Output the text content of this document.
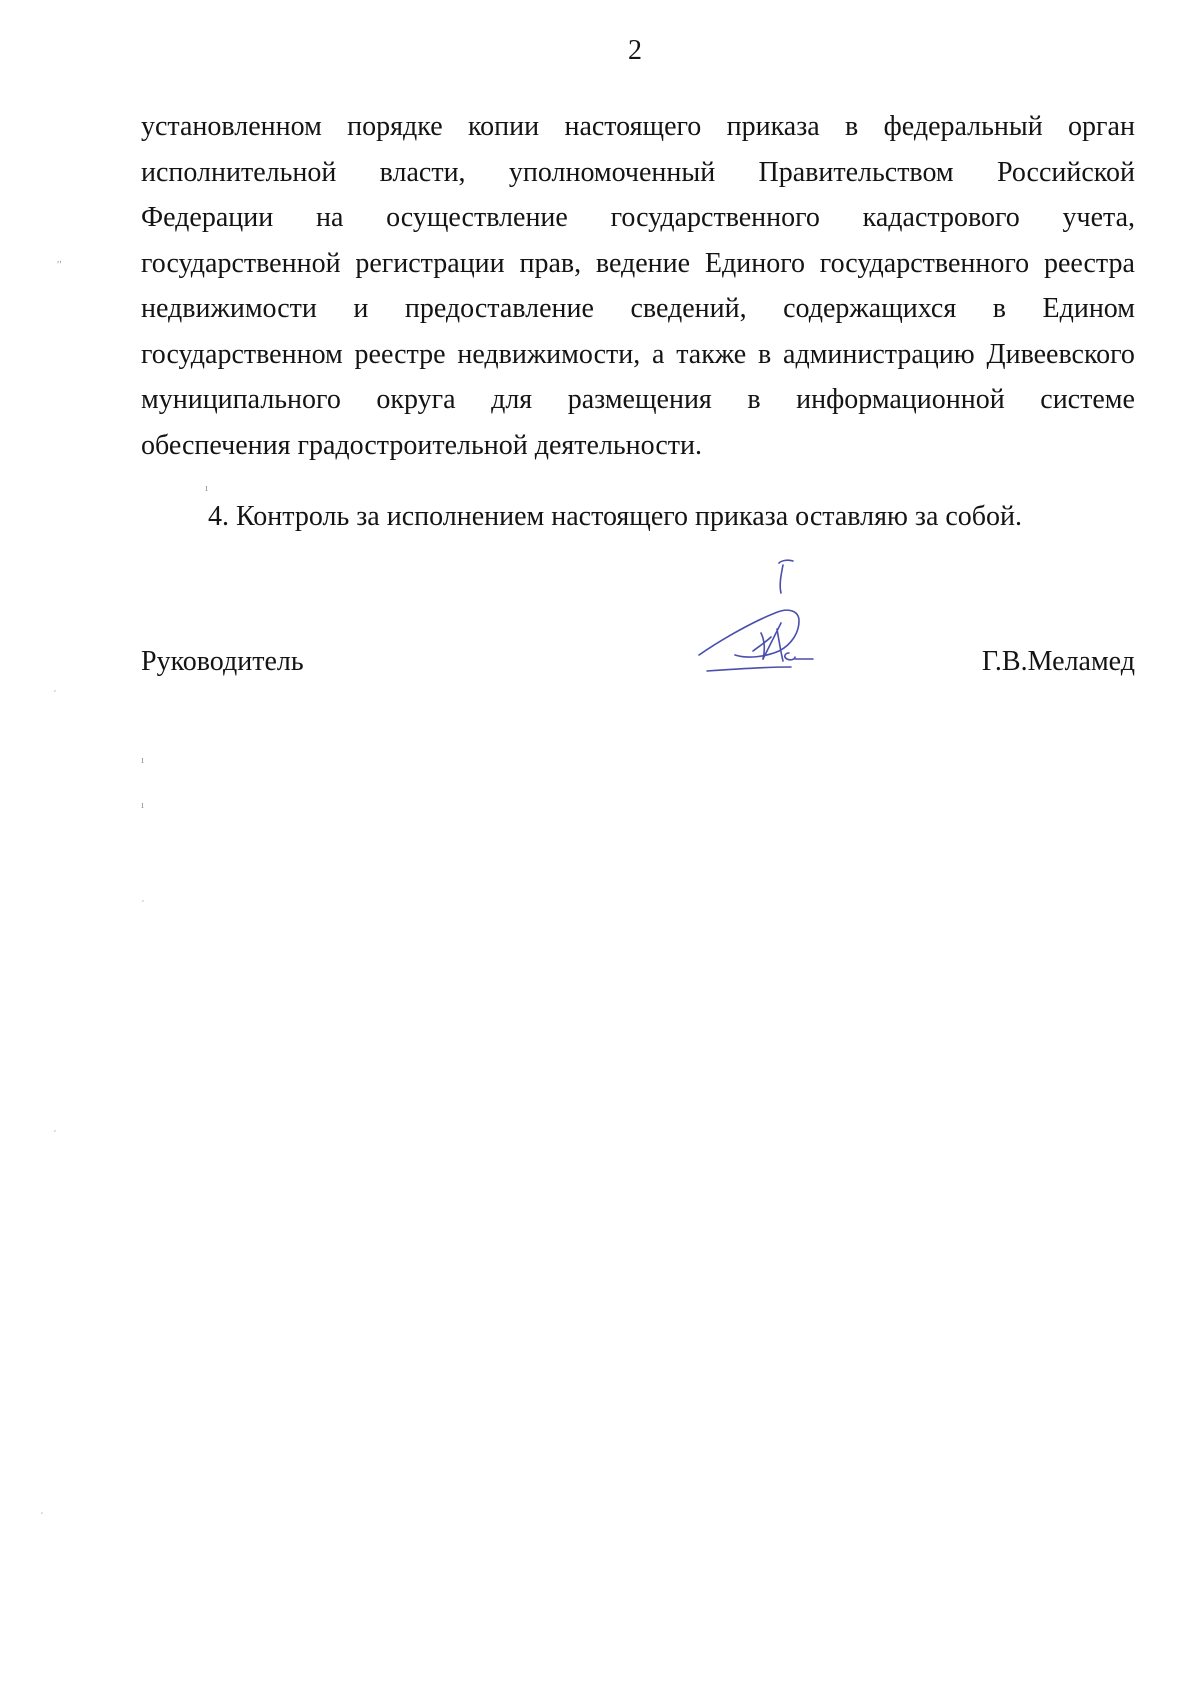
2
установленном порядке копии настоящего приказа в федеральный орган
исполнительной власти, уполномоченный Правительством Российской
Федерации на осуществление государственного кадастрового учета,
государственной регистрации прав, ведение Единого государственного реестра
недвижимости и предоставление сведений, содержащихся в Едином
государственном реестре недвижимости, а также в администрацию Дивеевского
муниципального округа для размещения в информационной системе
обеспечения градостроительной деятельности.
4. Контроль за исполнением настоящего приказа оставляю за собой.
Руководитель	Г.В.Меламед
′′
ı
ˊ
ı
ı
ˊ
ˊ
ˊ
